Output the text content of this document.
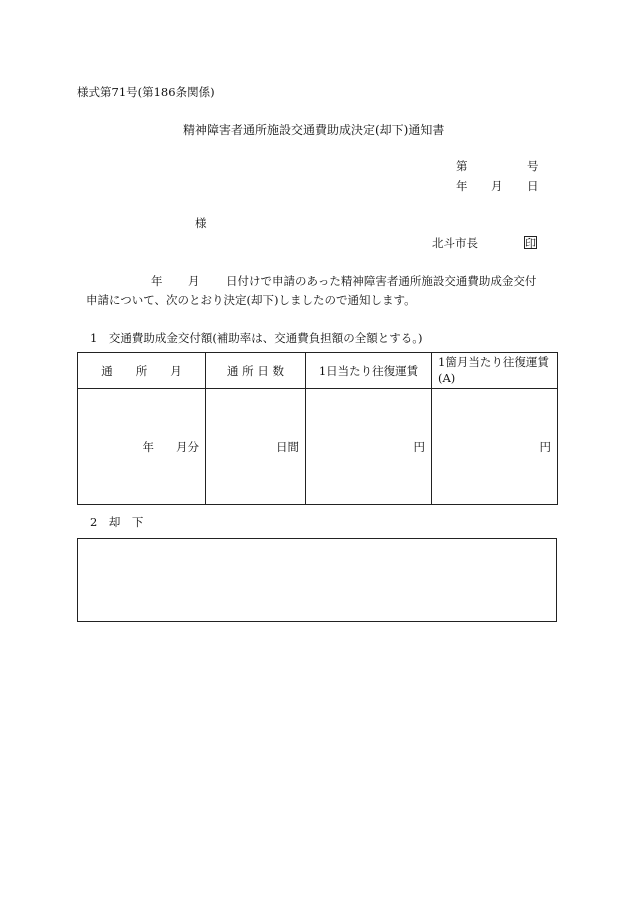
様式第71号(第186条関係)
精神障害者通所施設交通費助成決定(却下)通知書
第	号
年 月 日
様
北斗市長	印
年 月 日付けで申請のあった精神障害者通所施設交通費助成金交付
申請について、次のとおり決定(却下)しましたので通知します。
1　交通費助成金交付額(補助率は、交通費負担額の全額とする。)
通　　所　　月	通 所 日 数	1日当たり往復運賃	1箇月当たり往復運賃(A)
年 月分	日間	円	円
2　却　下
